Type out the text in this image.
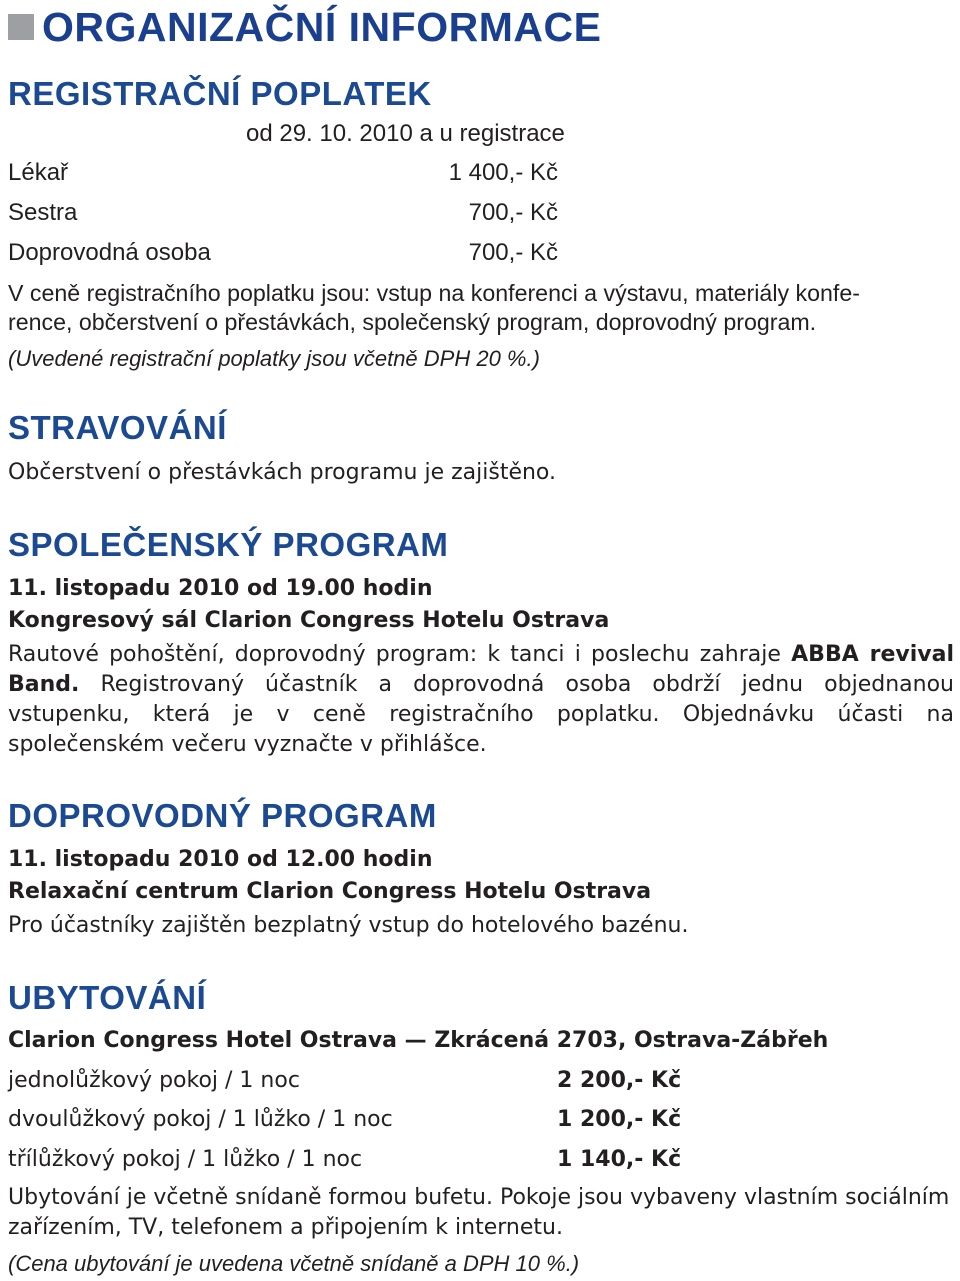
ORGANIZAČNÍ INFORMACE
REGISTRAČNÍ POPLATEK
od 29. 10. 2010 a u registrace
Lékař	1 400,- Kč
Sestra	700,- Kč
Doprovodná osoba	700,- Kč
V ceně registračního poplatku jsou: vstup na konferenci a výstavu, materiály konfe-
rence, občerstvení o přestávkách, společenský program, doprovodný program.
(Uvedené registrační poplatky jsou včetně DPH 20 %.)
STRAVOVÁNÍ
Občerstvení o přestávkách programu je zajištěno.
SPOLEČENSKÝ PROGRAM
11. listopadu 2010 od 19.00 hodin
Kongresový sál Clarion Congress Hotelu Ostrava
Rautové pohoštění, doprovodný program: k tanci i poslechu zahraje ABBA revival Band. Registrovaný účastník a doprovodná osoba obdrží jednu objednanou vstupenku, která je v ceně registračního poplatku. Objednávku účasti na společenském večeru vyznačte v přihlášce.
DOPROVODNÝ PROGRAM
11. listopadu 2010 od 12.00 hodin
Relaxační centrum Clarion Congress Hotelu Ostrava
Pro účastníky zajištěn bezplatný vstup do hotelového bazénu.
UBYTOVÁNÍ
Clarion Congress Hotel Ostrava — Zkrácená 2703, Ostrava-Zábřeh
jednolůžkový pokoj / 1 noc	2 200,- Kč
dvoulůžkový pokoj / 1 lůžko / 1 noc	1 200,- Kč
třílůžkový pokoj / 1 lůžko / 1 noc	1 140,- Kč
Ubytování je včetně snídaně formou bufetu. Pokoje jsou vybaveny vlastním sociálním zařízením, TV, telefonem a připojením k internetu.
(Cena ubytování je uvedena včetně snídaně a DPH 10 %.)
